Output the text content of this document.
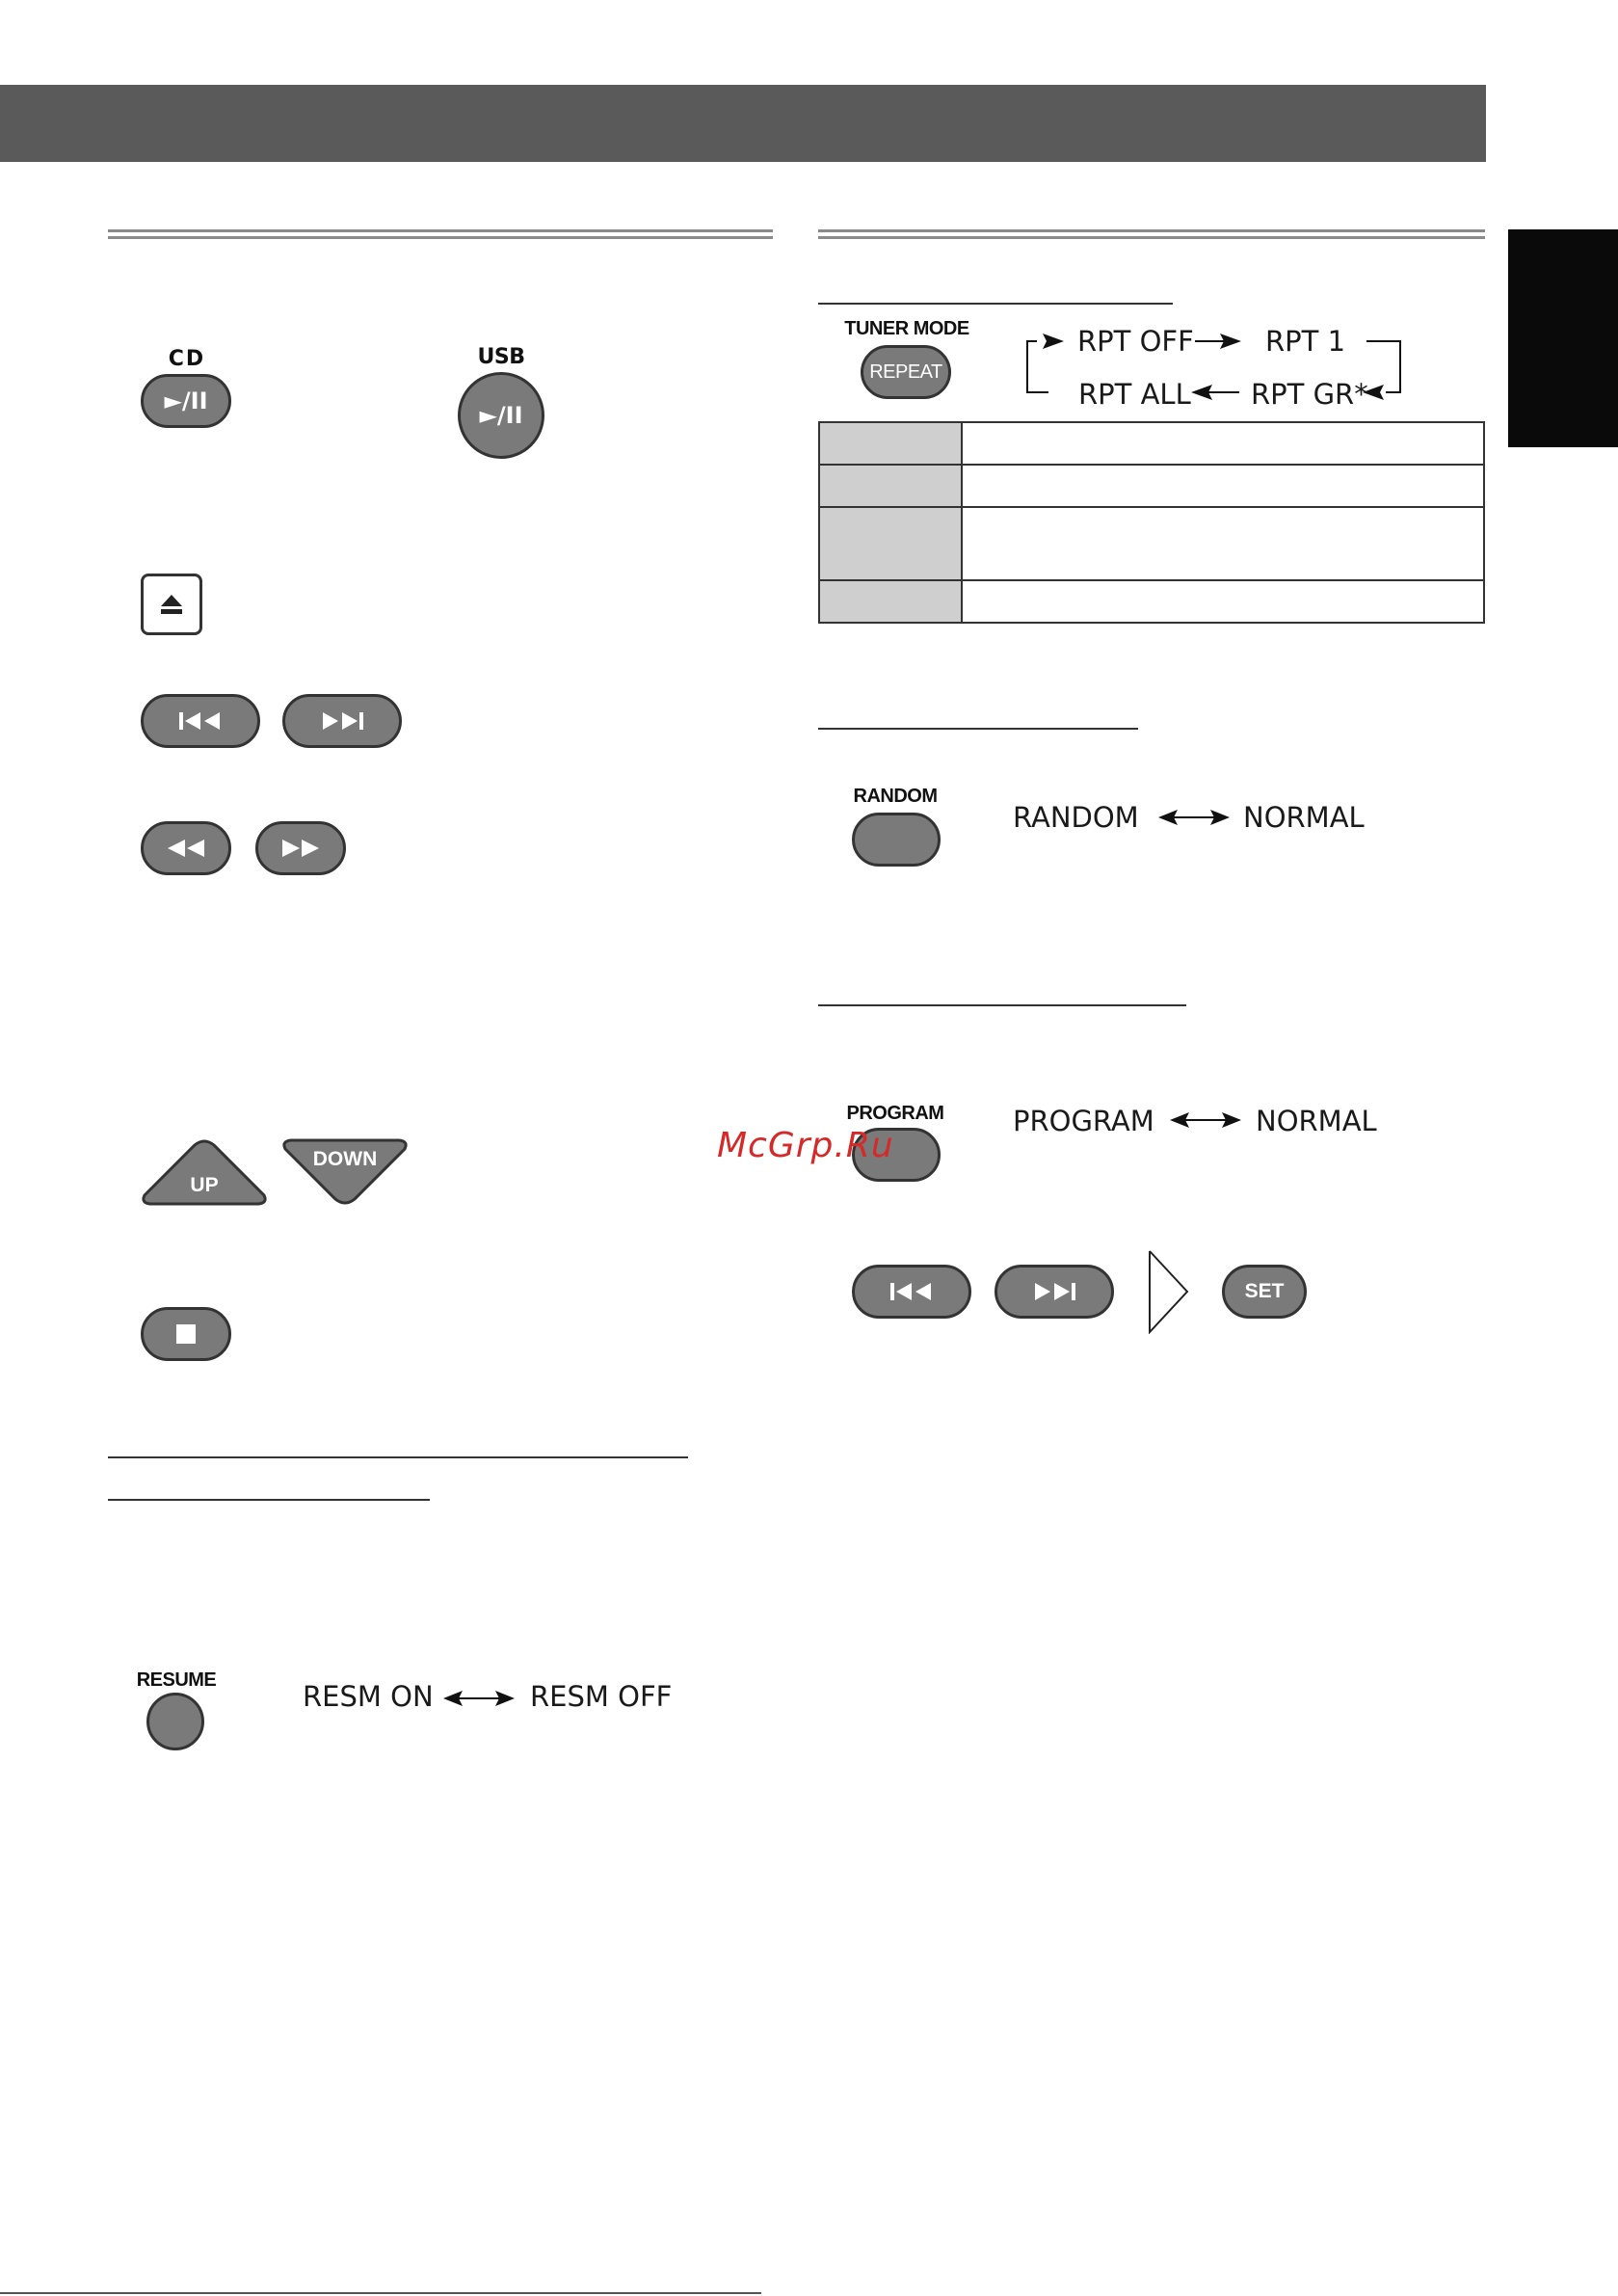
CD
►/II
USB
►/II
UP
DOWN
RESUME	RESM ON	RESM OFF
TUNER MODE
REPEAT
RPT OFF	RPT 1
RPT ALL RPT GR*

RANDOM
RANDOM	NORMAL
PROGRAM PROGRAM	NORMAL
SET
McGrp.Ru
